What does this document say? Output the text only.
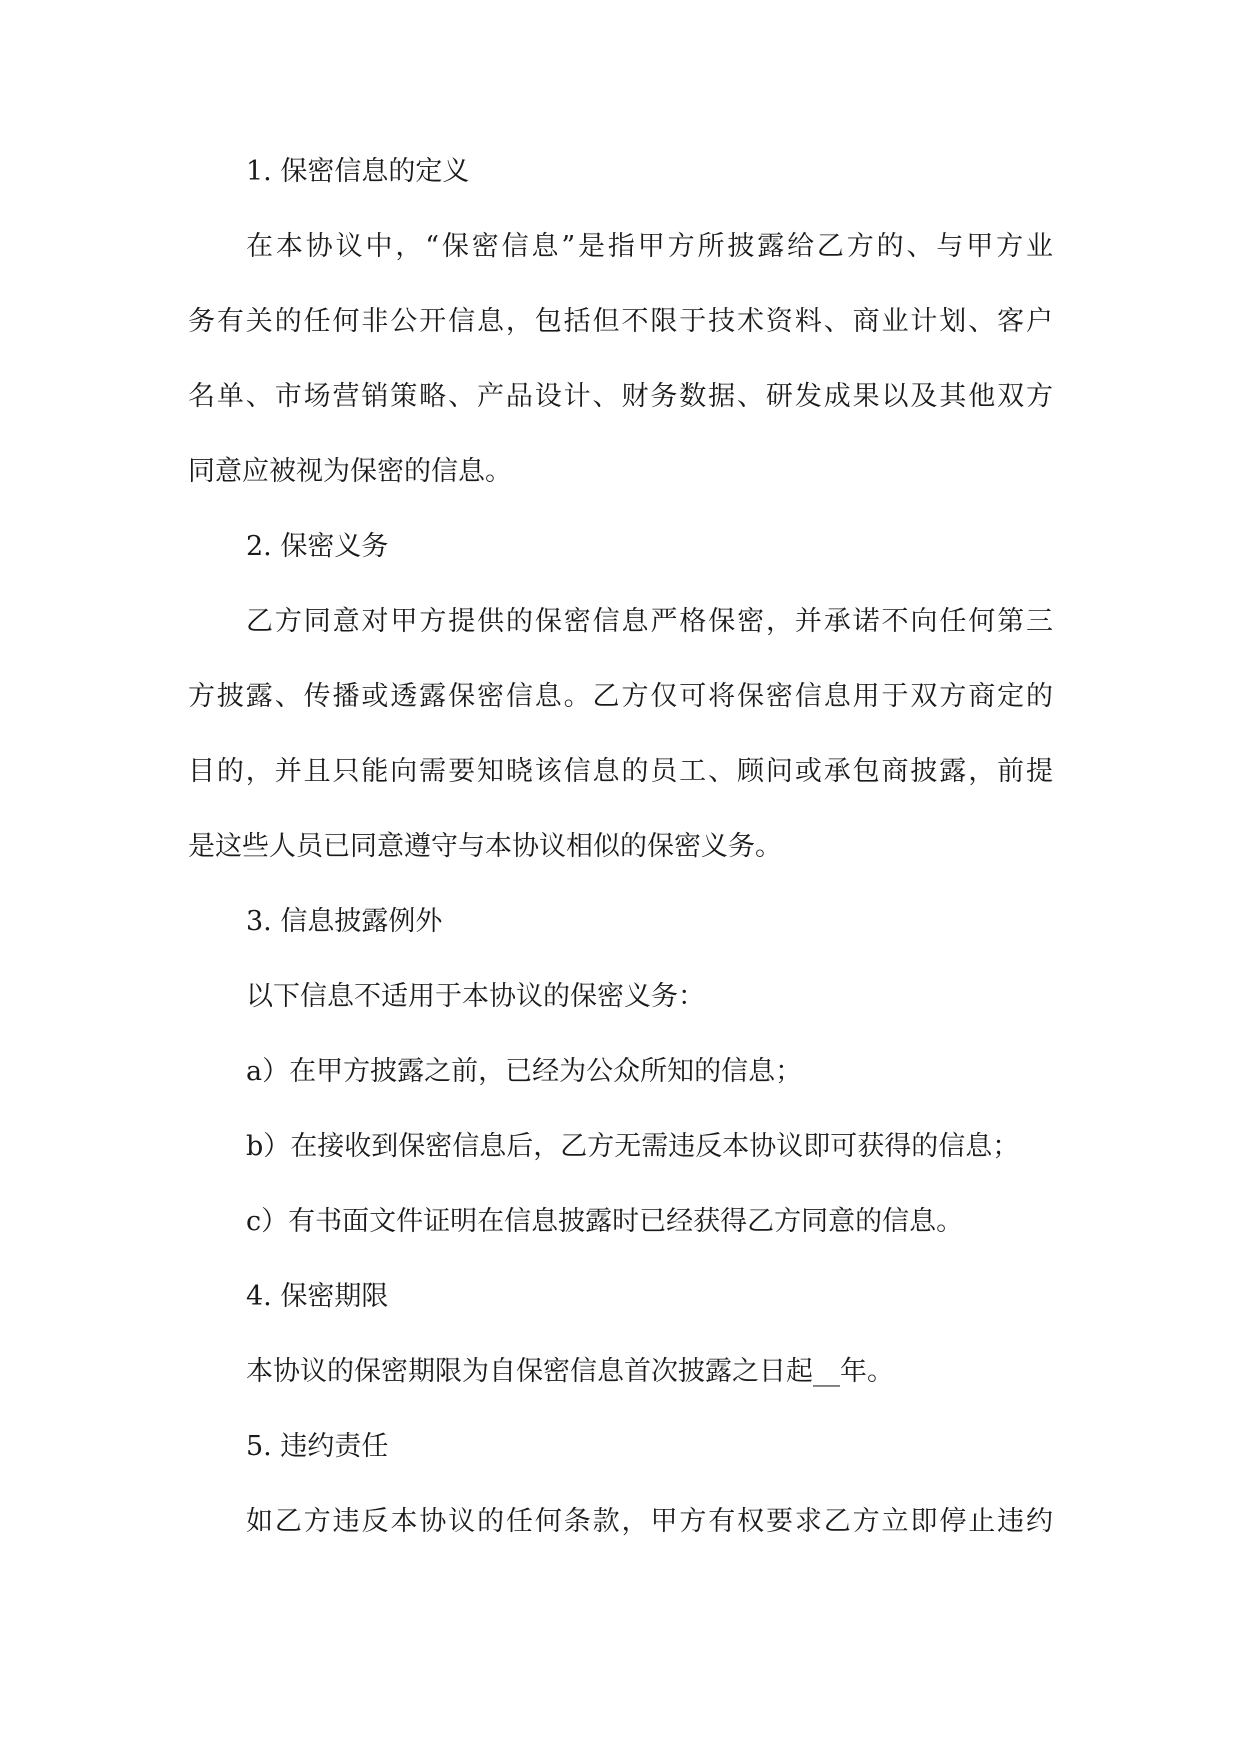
1. 保密信息的定义
在本协议中，“保密信息”是指甲方所披露给乙方的、与甲方业
务有关的任何非公开信息，包括但不限于技术资料、商业计划、客户
名单、市场营销策略、产品设计、财务数据、研发成果以及其他双方
同意应被视为保密的信息。
2. 保密义务
乙方同意对甲方提供的保密信息严格保密，并承诺不向任何第三
方披露、传播或透露保密信息。乙方仅可将保密信息用于双方商定的
目的，并且只能向需要知晓该信息的员工、顾问或承包商披露，前提
是这些人员已同意遵守与本协议相似的保密义务。
3. 信息披露例外
以下信息不适用于本协议的保密义务：
a）在甲方披露之前，已经为公众所知的信息；
b）在接收到保密信息后，乙方无需违反本协议即可获得的信息；
c）有书面文件证明在信息披露时已经获得乙方同意的信息。
4. 保密期限
本协议的保密期限为自保密信息首次披露之日起__年。
5. 违约责任
如乙方违反本协议的任何条款，甲方有权要求乙方立即停止违约
